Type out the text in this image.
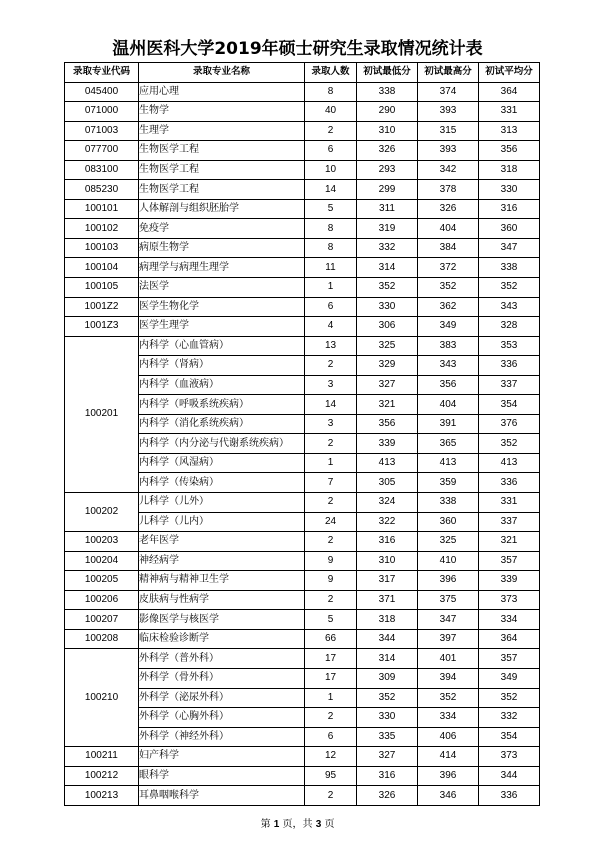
温州医科大学2019年硕士研究生录取情况统计表
录取专业代码	录取专业名称	录取人数	初试最低分	初试最高分	初试平均分
045400	应用心理	8	338	374	364
071000	生物学	40	290	393	331
071003	生理学	2	310	315	313
077700	生物医学工程	6	326	393	356
083100	生物医学工程	10	293	342	318
085230	生物医学工程	14	299	378	330
100101	人体解剖与组织胚胎学	5	311	326	316
100102	免疫学	8	319	404	360
100103	病原生物学	8	332	384	347
100104	病理学与病理生理学	11	314	372	338
100105	法医学	1	352	352	352
1001Z2	医学生物化学	6	330	362	343
1001Z3	医学生理学	4	306	349	328
100201	内科学（心血管病）	13	325	383	353
	内科学（肾病）	2	329	343	336
	内科学（血液病）	3	327	356	337
	内科学（呼吸系统疾病）	14	321	404	354
	内科学（消化系统疾病）	3	356	391	376
	内科学（内分泌与代谢系统疾病）	2	339	365	352
	内科学（风湿病）	1	413	413	413
	内科学（传染病）	7	305	359	336
100202	儿科学（儿外）	2	324	338	331
	儿科学（儿内）	24	322	360	337
100203	老年医学	2	316	325	321
100204	神经病学	9	310	410	357
100205	精神病与精神卫生学	9	317	396	339
100206	皮肤病与性病学	2	371	375	373
100207	影像医学与核医学	5	318	347	334
100208	临床检验诊断学	66	344	397	364
100210	外科学（普外科）	17	314	401	357
	外科学（骨外科）	17	309	394	349
	外科学（泌尿外科）	1	352	352	352
	外科学（心胸外科）	2	330	334	332
	外科学（神经外科）	6	335	406	354
100211	妇产科学	12	327	414	373
100212	眼科学	95	316	396	344
100213	耳鼻咽喉科学	2	326	346	336
第 1 页，共 3 页
